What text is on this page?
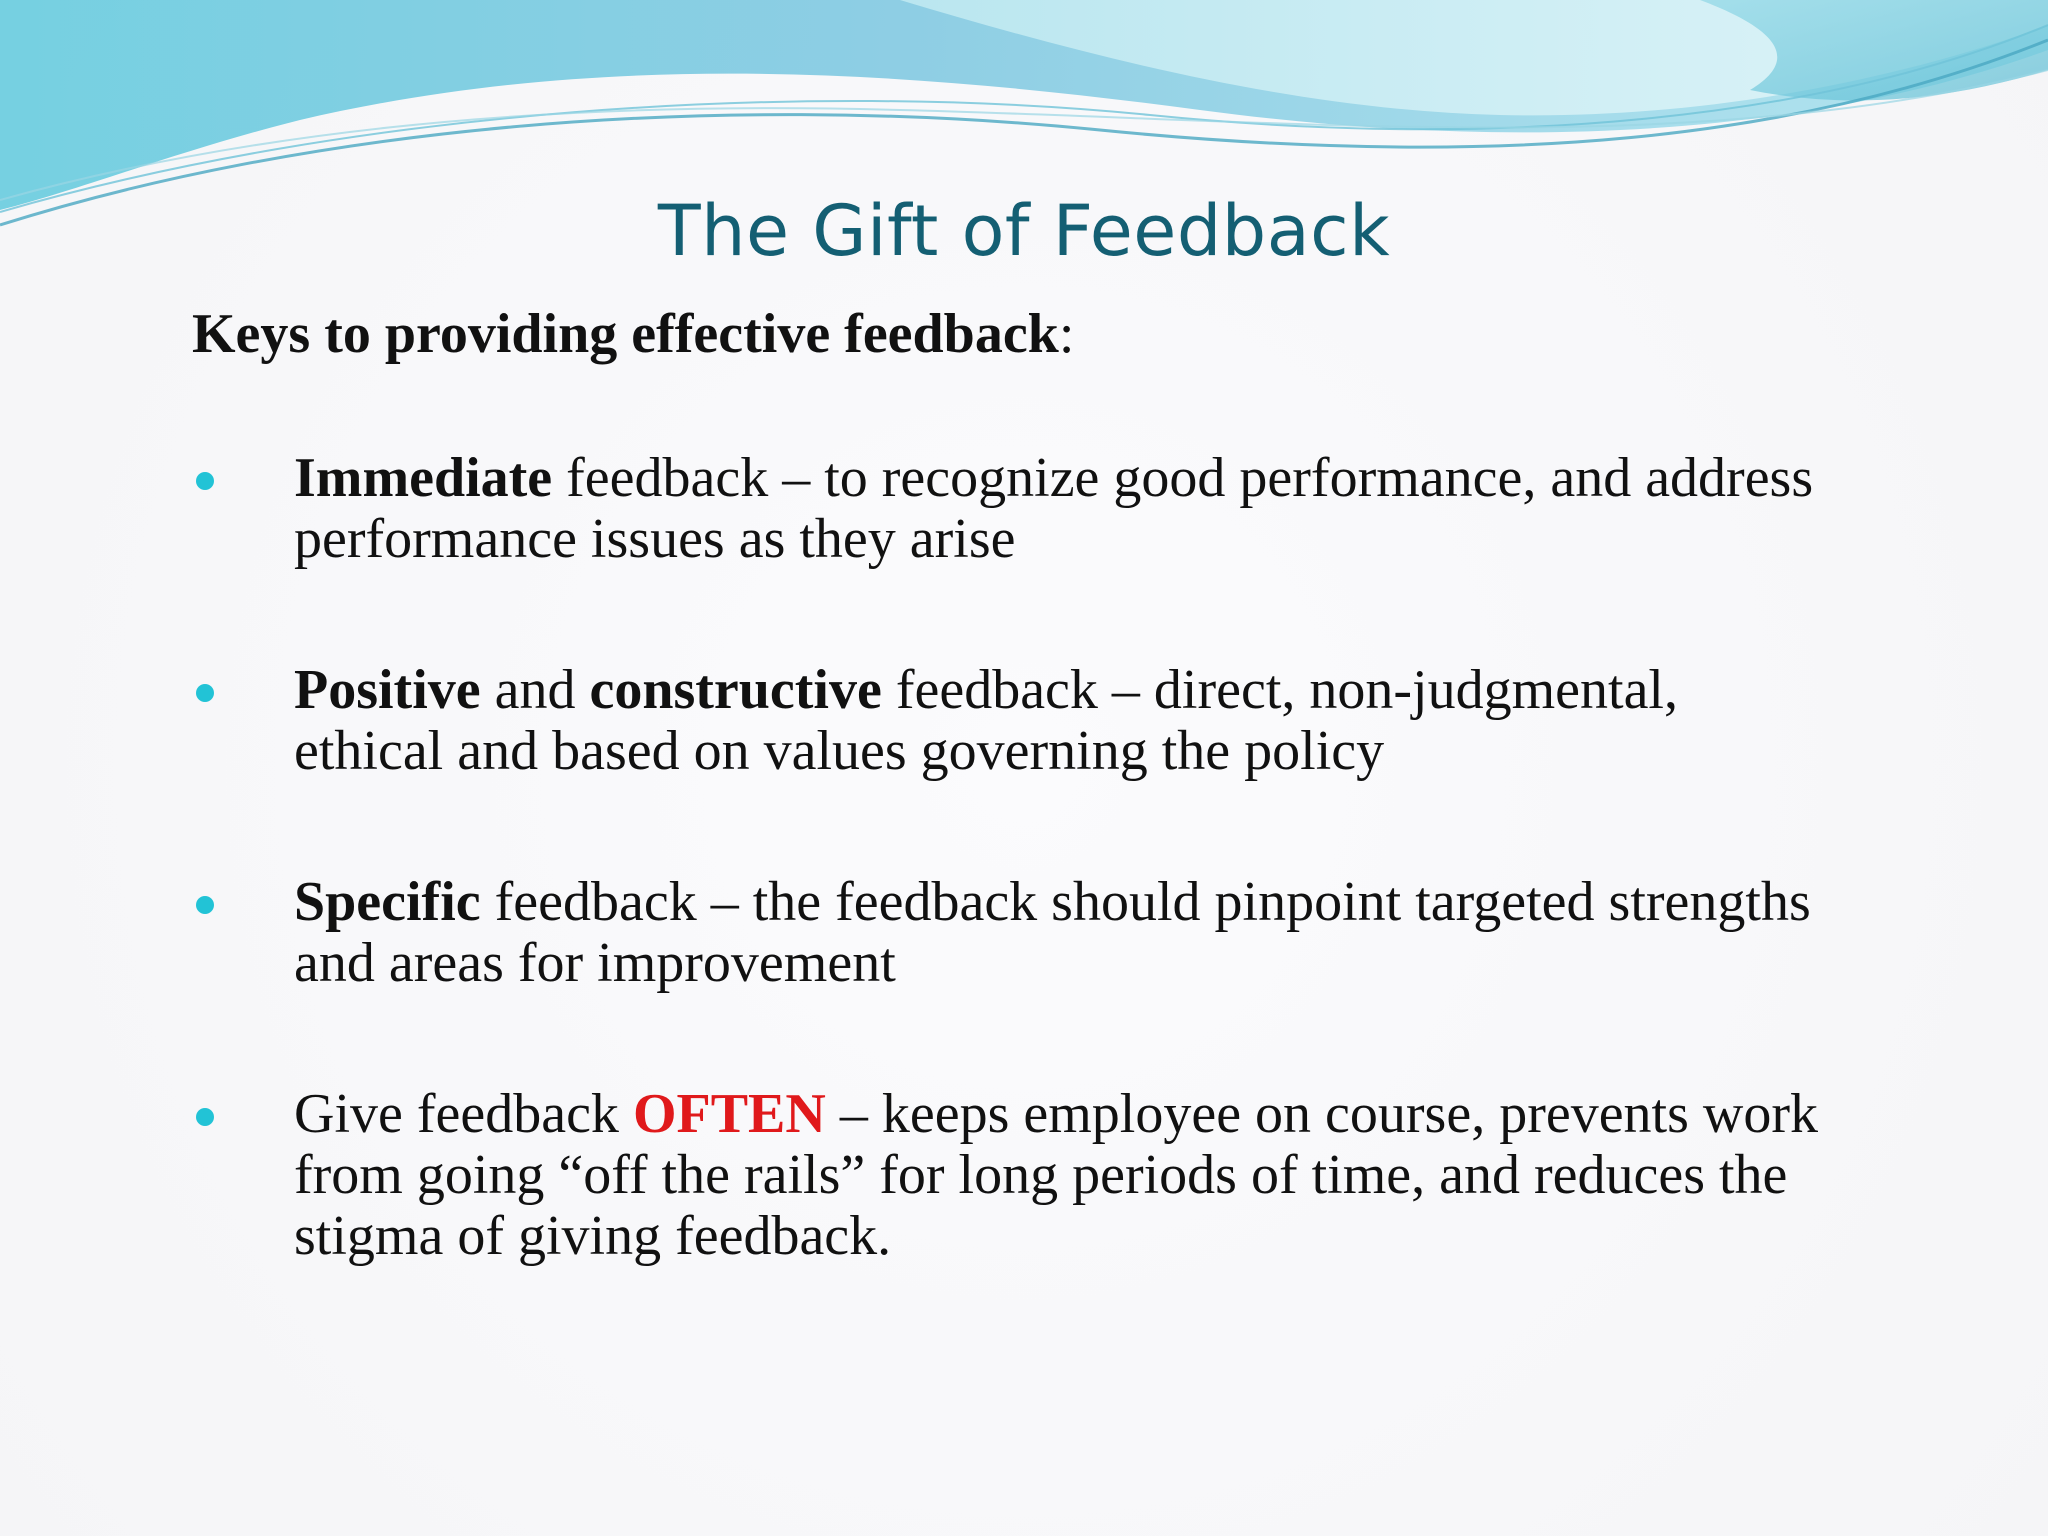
The Gift of Feedback
Keys to providing effective feedback:
Immediate feedback – to recognize good performance, and address performance issues as they arise
Positive and constructive feedback – direct, non-judgmental, ethical and based on values governing the policy
Specific feedback – the feedback should pinpoint targeted strengths and areas for improvement
Give feedback OFTEN – keeps employee on course, prevents work from going “off the rails” for long periods of time, and reduces the stigma of giving feedback.
